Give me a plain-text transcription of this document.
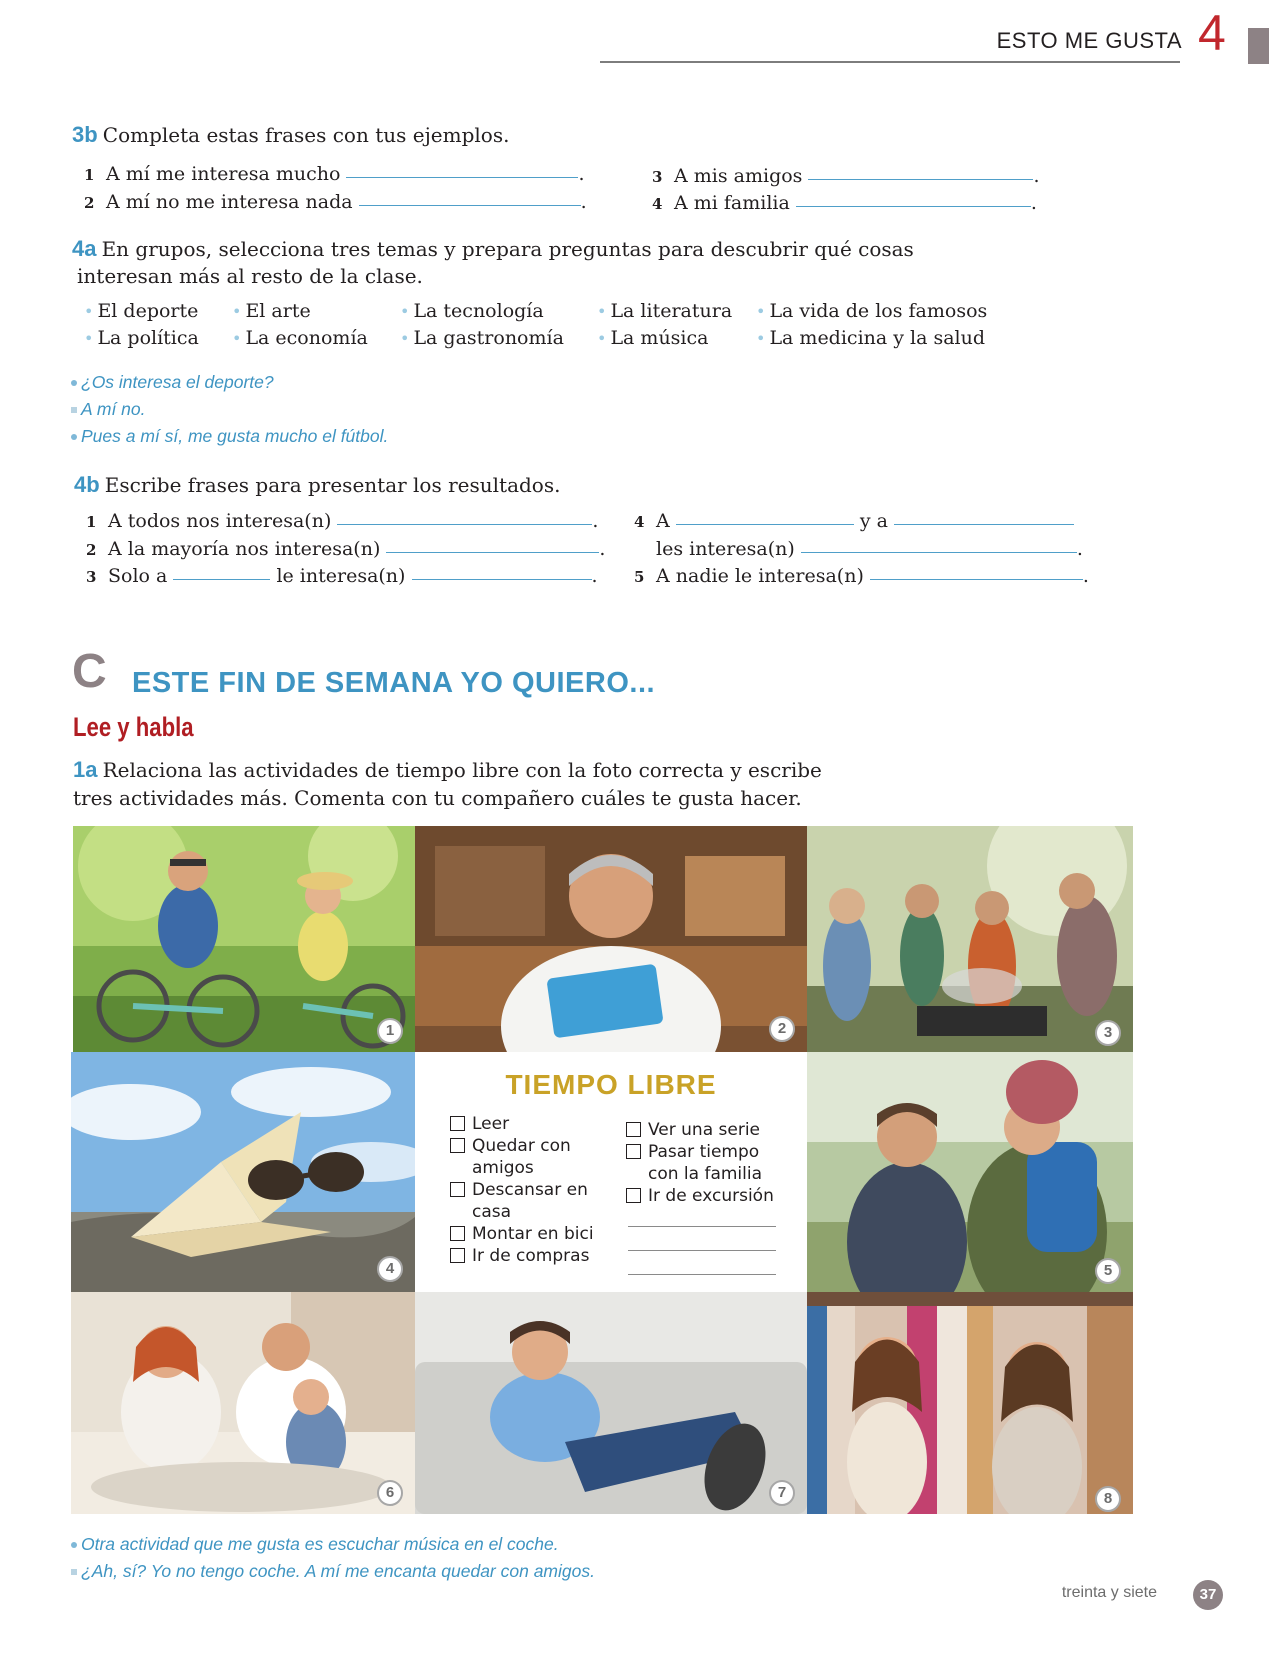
ESTO ME GUSTA 4
3b Completa estas frases con tus ejemplos.
1 A mí me interesa mucho	.
2 A mí no me interesa nada	.
3 A mis amigos	.
4 A mi familia	.
4a En grupos, selecciona tres temas y prepara preguntas para descubrir qué cosas
interesan más al resto de la clase.
• El deporte • El arte	• La tecnología	• La literatura • La vida de los famosos
• La política • La economía • La gastronomía • La música	• La medicina y la salud
¿Os interesa el deporte?
A mí no.
Pues a mí sí, me gusta mucho el fútbol.
4b Escribe frases para presentar los resultados.
1 A todos nos interesa(n)	.
2 A la mayoría nos interesa(n)	.
3 Solo a	le interesa(n)	.
4 A	y a
les interesa(n)	.
5 A nadie le interesa(n)	.
C ESTE FIN DE SEMANA YO QUIERO...
Lee y habla
1a Relaciona las actividades de tiempo libre con la foto correcta y escribe
tres actividades más. Comenta con tu compañero cuáles te gusta hacer.
1	2	3
4
TIEMPO LIBRE
Leer
Quedar con
amigos
Descansar en
casa
Montar en bici
Ir de compras
Ver una serie
Pasar tiempo
con la familia
Ir de excursión
5
6	7	8
Otra actividad que me gusta es escuchar música en el coche.
¿Ah, sí? Yo no tengo coche. A mí me encanta quedar con amigos.
treinta y siete	37
